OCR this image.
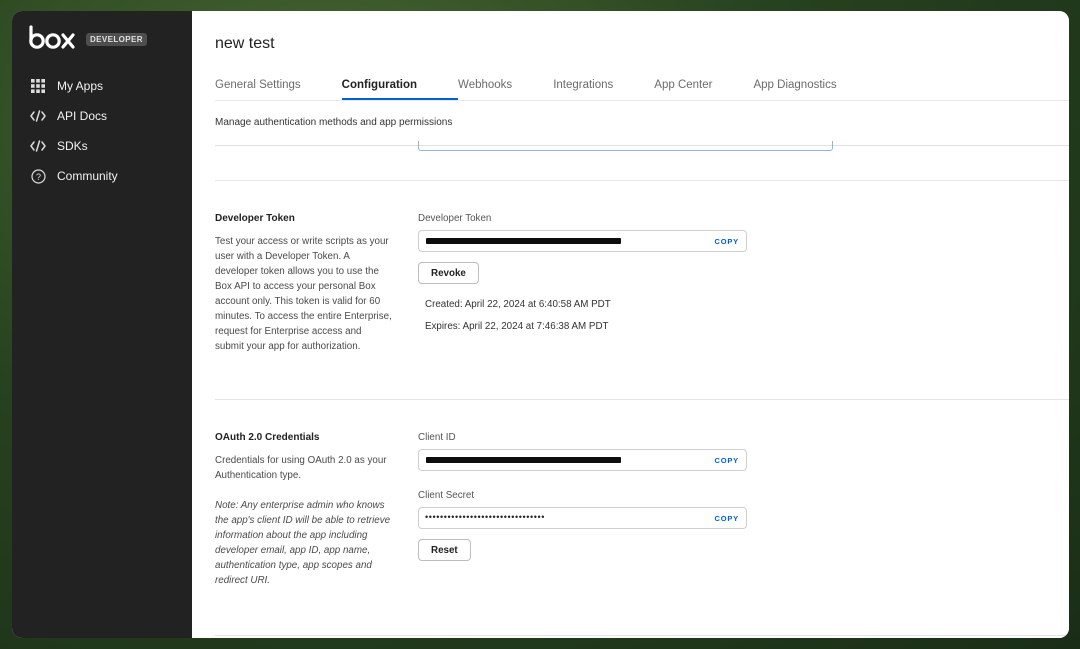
DEVELOPER
My Apps
API Docs
SDKs
? Community
new test
General Settings	Configuration	Webhooks	Integrations	App Center	App Diagnostics
Manage authentication methods and app permissions
Developer Token
Test your access or write scripts as your user with a Developer Token. A developer token allows you to use the Box API to access your personal Box account only. This token is valid for 60 minutes. To access the entire Enterprise, request for Enterprise access and submit your app for authorization.
Developer Token
COPY
Revoke
Created: April 22, 2024 at 6:40:58 AM PDT
Expires: April 22, 2024 at 7:46:38 AM PDT
OAuth 2.0 Credentials
Credentials for using OAuth 2.0 as your Authentication type.
Note: Any enterprise admin who knows the app's client ID will be able to retrieve information about the app including developer email, app ID, app name, authentication type, app scopes and redirect URI.
Client ID
COPY
Client Secret
••••••••••••••••••••••••••••••••	COPY
Reset
